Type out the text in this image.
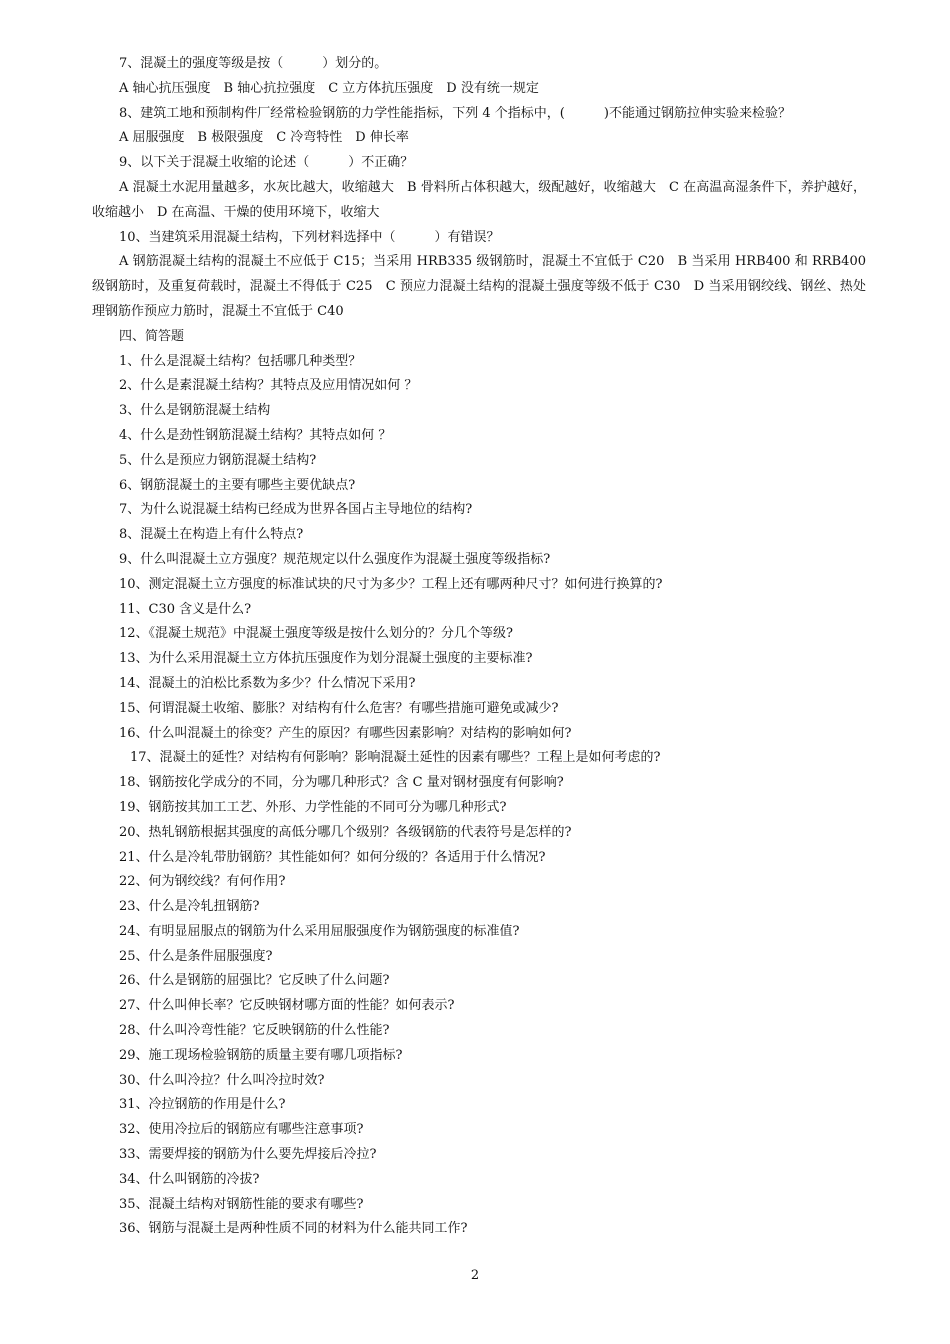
7、混凝土的强度等级是按（　　　）划分的。
A 轴心抗压强度　B 轴心抗拉强度　C 立方体抗压强度　D 没有统一规定
8、建筑工地和预制构件厂经常检验钢筋的力学性能指标，下列 4 个指标中，(　　　)不能通过钢筋拉伸实验来检验？
A 屈服强度　B 极限强度　C 冷弯特性　D 伸长率
9、以下关于混凝土收缩的论述（　　　）不正确？
A 混凝土水泥用量越多，水灰比越大，收缩越大　B 骨料所占体积越大，级配越好，收缩越大　C 在高温高湿条件下，养护越好，收缩越小　D 在高温、干燥的使用环境下，收缩大
10、当建筑采用混凝土结构，下列材料选择中（　　　）有错误？
A 钢筋混凝土结构的混凝土不应低于 C15；当采用 HRB335 级钢筋时，混凝土不宜低于 C20　B 当采用 HRB400 和 RRB400 级钢筋时，及重复荷载时，混凝土不得低于 C25　C 预应力混凝土结构的混凝土强度等级不低于 C30　D 当采用钢绞线、钢丝、热处理钢筋作预应力筋时，混凝土不宜低于 C40
四、简答题
1、什么是混凝土结构？包括哪几种类型？
2、什么是素混凝土结构？其特点及应用情况如何 ？
3、什么是钢筋混凝土结构
4、什么是劲性钢筋混凝土结构？其特点如何 ？
5、什么是预应力钢筋混凝土结构?
6、钢筋混凝土的主要有哪些主要优缺点?
7、为什么说混凝土结构已经成为世界各国占主导地位的结构?
8、混凝土在构造上有什么特点?
9、什么叫混凝土立方强度？规范规定以什么强度作为混凝土强度等级指标?
10、测定混凝土立方强度的标准试块的尺寸为多少？工程上还有哪两种尺寸？如何进行换算的?
11、C30 含义是什么?
12、《混凝土规范》中混凝土强度等级是按什么划分的？分几个等级?
13、为什么采用混凝土立方体抗压强度作为划分混凝土强度的主要标准?
14、混凝土的泊松比系数为多少？什么情况下采用?
15、何谓混凝土收缩、膨胀？对结构有什么危害？有哪些措施可避免或减少?
16、什么叫混凝土的徐变？产生的原因？有哪些因素影响？对结构的影响如何?
17、混凝土的延性？对结构有何影响？影响混凝土延性的因素有哪些？工程上是如何考虑的?
18、钢筋按化学成分的不同，分为哪几种形式？含 C 量对钢材强度有何影响?
19、钢筋按其加工工艺、外形、力学性能的不同可分为哪几种形式?
20、热轧钢筋根据其强度的高低分哪几个级别？各级钢筋的代表符号是怎样的?
21、什么是冷轧带肋钢筋？其性能如何？如何分级的？各适用于什么情况?
22、何为钢绞线？有何作用?
23、什么是冷轧扭钢筋?
24、有明显屈服点的钢筋为什么采用屈服强度作为钢筋强度的标准值?
25、什么是条件屈服强度?
26、什么是钢筋的屈强比？它反映了什么问题?
27、什么叫伸长率？它反映钢材哪方面的性能？如何表示?
28、什么叫冷弯性能？它反映钢筋的什么性能?
29、施工现场检验钢筋的质量主要有哪几项指标?
30、什么叫冷拉？什么叫冷拉时效?
31、冷拉钢筋的作用是什么?
32、使用冷拉后的钢筋应有哪些注意事项?
33、需要焊接的钢筋为什么要先焊接后冷拉?
34、什么叫钢筋的冷拔?
35、混凝土结构对钢筋性能的要求有哪些?
36、钢筋与混凝土是两种性质不同的材料为什么能共同工作?
2
